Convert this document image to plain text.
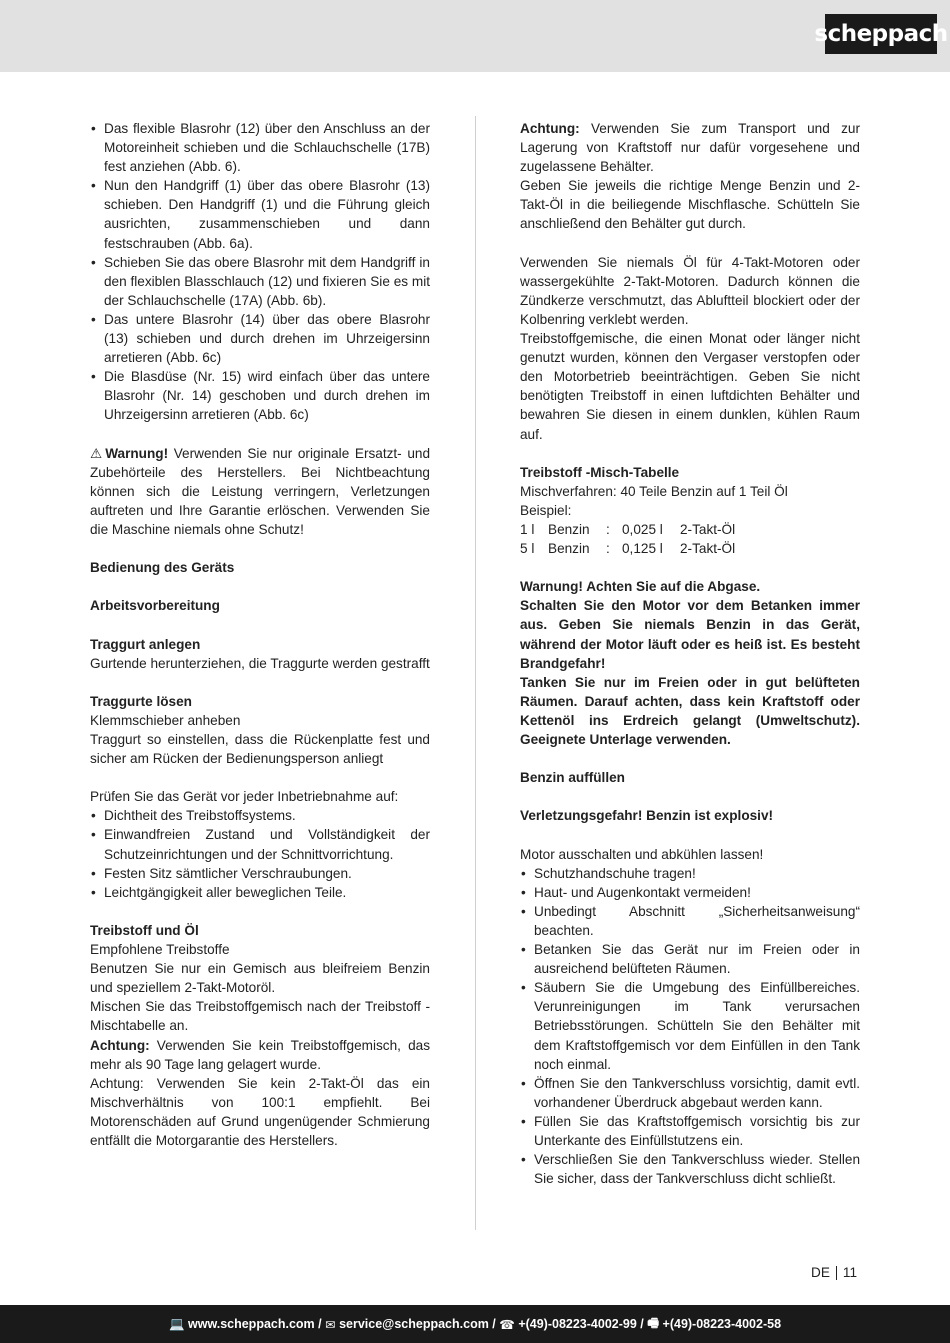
scheppach
• Das flexible Blasrohr (12) über den Anschluss an der Motoreinheit schieben und die Schlauchschelle (17B) fest anziehen (Abb. 6).
• Nun den Handgriff (1) über das obere Blasrohr (13) schieben. Den Handgriff (1) und die Führung gleich ausrichten, zusammenschieben und dann festschrauben (Abb. 6a).
• Schieben Sie das obere Blasrohr mit dem Handgriff in den flexiblen Blasschlauch (12) und fixieren Sie es mit der Schlauchschelle (17A) (Abb. 6b).
• Das untere Blasrohr (14) über das obere Blasrohr (13) schieben und durch drehen im Uhrzeigersinn arretieren (Abb. 6c)
• Die Blasdüse (Nr. 15) wird einfach über das untere Blasrohr (Nr. 14) geschoben und durch drehen im Uhrzeigersinn arretieren (Abb. 6c)

⚠ Warnung! Verwenden Sie nur originale Ersatzt- und Zubehörteile des Herstellers. Bei Nichtbeachtung können sich die Leistung verringern, Verletzungen auftreten und Ihre Garantie erlöschen. Verwenden Sie die Maschine niemals ohne Schutz!

Bedienung des Geräts

Arbeitsvorbereitung

Traggurt anlegen

Gurtende herunterziehen, die Traggurte werden gestrafft

Traggurte lösen

Klemmschieber anheben

Traggurt so einstellen, dass die Rückenplatte fest und sicher am Rücken der Bedienungsperson anliegt

Prüfen Sie das Gerät vor jeder Inbetriebnahme auf:

• Dichtheit des Treibstoffsystems.
• Einwandfreien Zustand und Vollständigkeit der Schutzeinrichtungen und der Schnittvorrichtung.
• Festen Sitz sämtlicher Verschraubungen.
• Leichtgängigkeit aller beweglichen Teile.

Treibstoff und Öl

Empfohlene Treibstoffe

Benutzen Sie nur ein Gemisch aus bleifreiem Benzin und speziellem 2-Takt-Motoröl.

Mischen Sie das Treibstoffgemisch nach der Treibstoff -Mischtabelle an.

Achtung: Verwenden Sie kein Treibstoffgemisch, das mehr als 90 Tage lang gelagert wurde.

Achtung: Verwenden Sie kein 2-Takt-Öl das ein Mischverhältnis von 100:1 empfiehlt. Bei Motorenschäden auf Grund ungenügender Schmierung entfällt die Motorgarantie des Herstellers.

Achtung: Verwenden Sie zum Transport und zur Lagerung von Kraftstoff nur dafür vorgesehene und zugelassene Behälter.

Geben Sie jeweils die richtige Menge Benzin und 2-Takt-Öl in die beiliegende Mischflasche. Schütteln Sie anschließend den Behälter gut durch.

Verwenden Sie niemals Öl für 4-Takt-Motoren oder wassergekühlte 2-Takt-Motoren. Dadurch können die Zündkerze verschmutzt, das Abluftteil blockiert oder der Kolbenring verklebt werden.

Treibstoffgemische, die einen Monat oder länger nicht genutzt wurden, können den Vergaser verstopfen oder den Motorbetrieb beeinträchtigen. Geben Sie nicht benötigten Treibstoff in einen luftdichten Behälter und bewahren Sie diesen in einem dunklen, kühlen Raum auf.

Treibstoff -Misch-Tabelle

Mischverfahren: 40 Teile Benzin auf 1 Teil Öl

Beispiel:

1 l	Benzin	: 0,025 l	2-Takt-Öl
5 l	Benzin	: 0,125 l	2-Takt-Öl

Warnung! Achten Sie auf die Abgase.

Schalten Sie den Motor vor dem Betanken immer aus. Geben Sie niemals Benzin in das Gerät, während der Motor läuft oder es heiß ist. Es besteht Brandgefahr!

Tanken Sie nur im Freien oder in gut belüfteten Räumen. Darauf achten, dass kein Kraftstoff oder Kettenöl ins Erdreich gelangt (Umweltschutz). Geeignete Unterlage verwenden.

Benzin auffüllen

Verletzungsgefahr! Benzin ist explosiv!

Motor ausschalten und abkühlen lassen!

• Schutzhandschuhe tragen!
• Haut- und Augenkontakt vermeiden!
• Unbedingt Abschnitt „Sicherheitsanweisung“ beachten.
• Betanken Sie das Gerät nur im Freien oder in ausreichend belüfteten Räumen.
• Säubern Sie die Umgebung des Einfüllbereiches. Verunreinigungen im Tank verursachen Betriebsstörungen. Schütteln Sie den Behälter mit dem Kraftstoffgemisch vor dem Einfüllen in den Tank noch einmal.
• Öffnen Sie den Tankverschluss vorsichtig, damit evtl. vorhandener Überdruck abgebaut werden kann.
• Füllen Sie das Kraftstoffgemisch vorsichtig bis zur Unterkante des Einfüllstutzens ein.
• Verschließen Sie den Tankverschluss wieder. Stellen Sie sicher, dass der Tankverschluss dicht schließt.
DE 11
💻
www.scheppach.com / ✉
service@scheppach.com / ☎
+(49)-08223-4002-99 / 🖷
+(49)-08223-4002-58
